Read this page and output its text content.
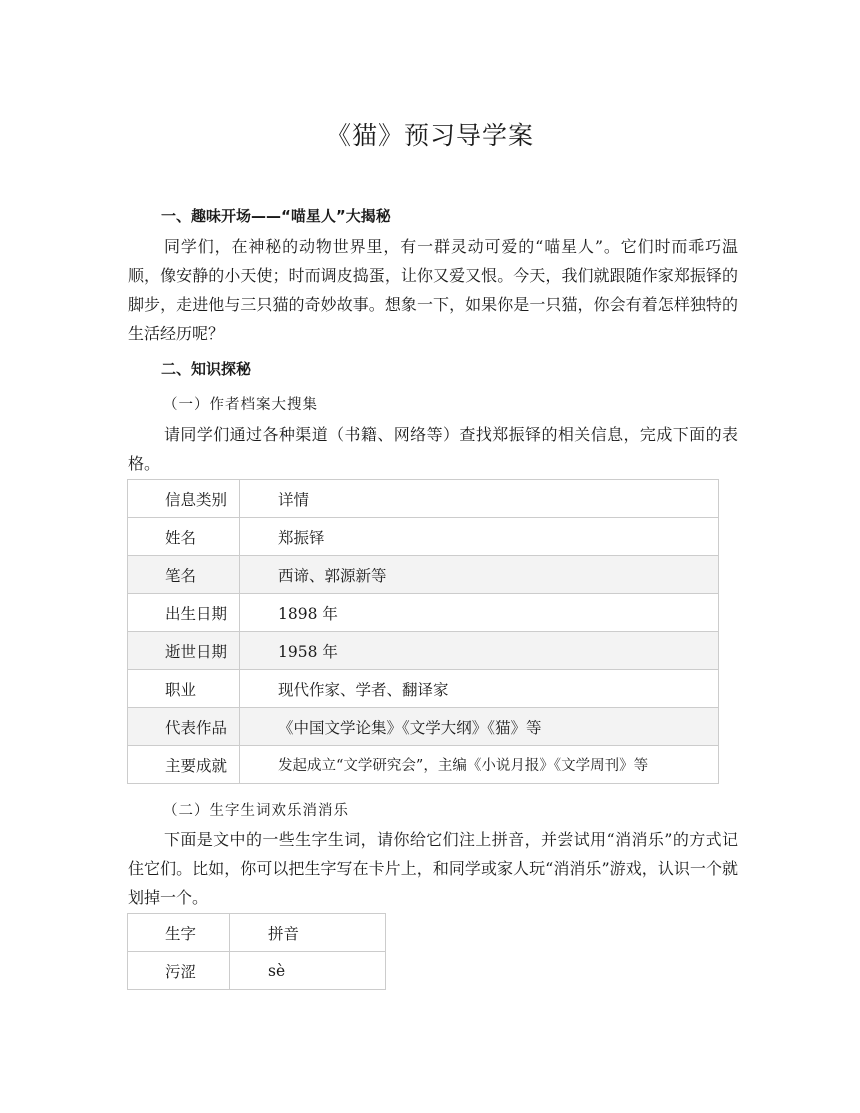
《猫》预习导学案
一、趣味开场——“喵星人”大揭秘

同学们，在神秘的动物世界里，有一群灵动可爱的“喵星人”。它们时而乖巧温顺，像安静的小天使；时而调皮捣蛋，让你又爱又恨。今天，我们就跟随作家郑振铎的脚步，走进他与三只猫的奇妙故事。想象一下，如果你是一只猫，你会有着怎样独特的生活经历呢？

二、知识探秘
（一）作者档案大搜集

请同学们通过各种渠道（书籍、网络等）查找郑振铎的相关信息，完成下面的表格。

信息类别	详情
姓名	郑振铎
笔名	西谛、郭源新等
出生日期	1898 年
逝世日期	1958 年
职业	现代作家、学者、翻译家
代表作品	《中国文学论集》《文学大纲》《猫》等
主要成就	发起成立“文学研究会”，主编《小说月报》《文学周刊》等
（二）生字生词欢乐消消乐

下面是文中的一些生字生词，请你给它们注上拼音，并尝试用“消消乐”的方式记住它们。比如，你可以把生字写在卡片上，和同学或家人玩“消消乐”游戏，认识一个就划掉一个。

生字	拼音
污涩	sè
